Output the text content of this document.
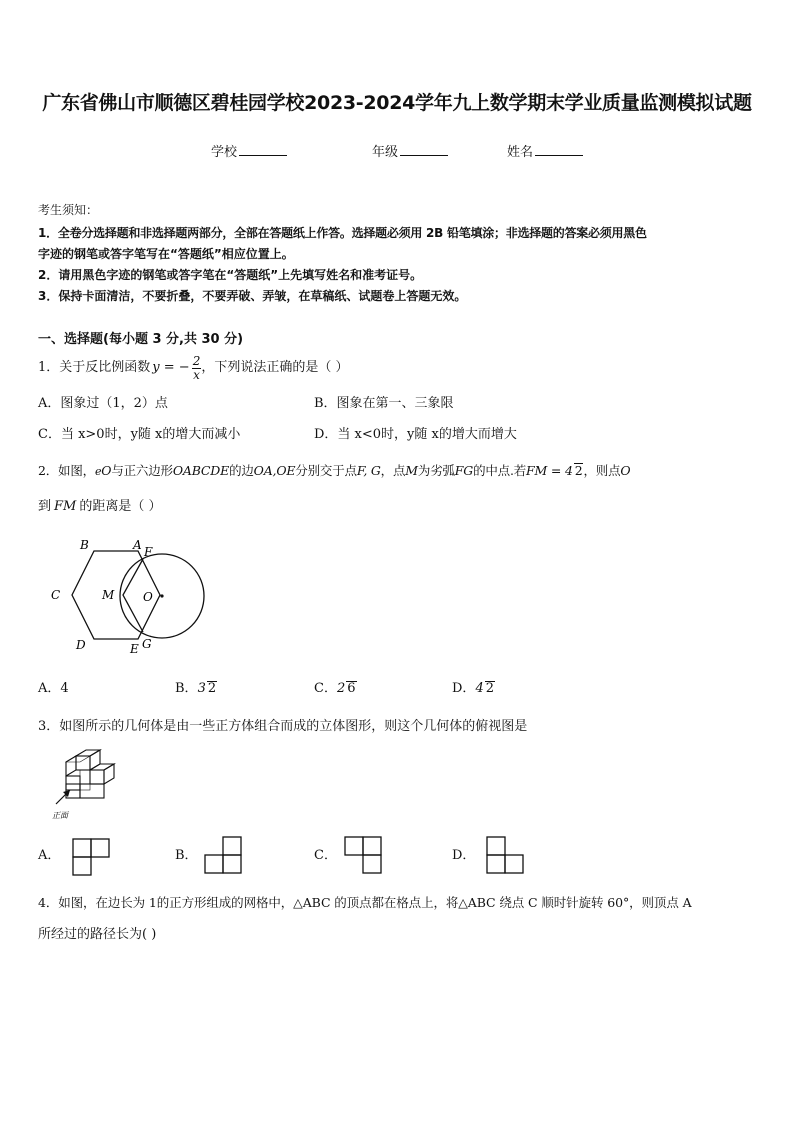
广东省佛山市顺德区碧桂园学校2023-2024学年九上数学期末学业质量监测模拟试题
学校	年级	姓名
考生须知：
1．全卷分选择题和非选择题两部分，全部在答题纸上作答。选择题必须用 2B 铅笔填涂；非选择题的答案必须用黑色
字迹的钢笔或答字笔写在“答题纸”相应位置上。
2．请用黑色字迹的钢笔或答字笔在“答题纸”上先填写姓名和准考证号。
3．保持卡面清洁，不要折叠，不要弄破、弄皱，在草稿纸、试题卷上答题无效。
一、选择题(每小题 3 分,共 30 分)
1．关于反比例函数 y = − $\frac{2}{x}$ ，下列说法正确的是（ ）
A．图象过（1，2）点	B．图象在第一、三象限
C．当 x>0时，y随 x的增大而减小	D．当 x<0时，y随 x的增大而增大
2．如图，eO与正六边形OABCDE的边OA,OE分别交于点F, G，点M为劣弧FG的中点.若FM = 4 2，则点O
到 FM 的距离是（ ）
B	A F
C	M O
D	E G
A．4	B．3 2	C．2 6	D．4 2
3．如图所示的几何体是由一些正方体组合而成的立体图形，则这个几何体的俯视图是
正面
A．	B．	C．	D．
4．如图，在边长为 1的正方形组成的网格中，△ABC 的顶点都在格点上，将△ABC 绕点 C 顺时针旋转 60°，则顶点 A
所经过的路径长为( )
